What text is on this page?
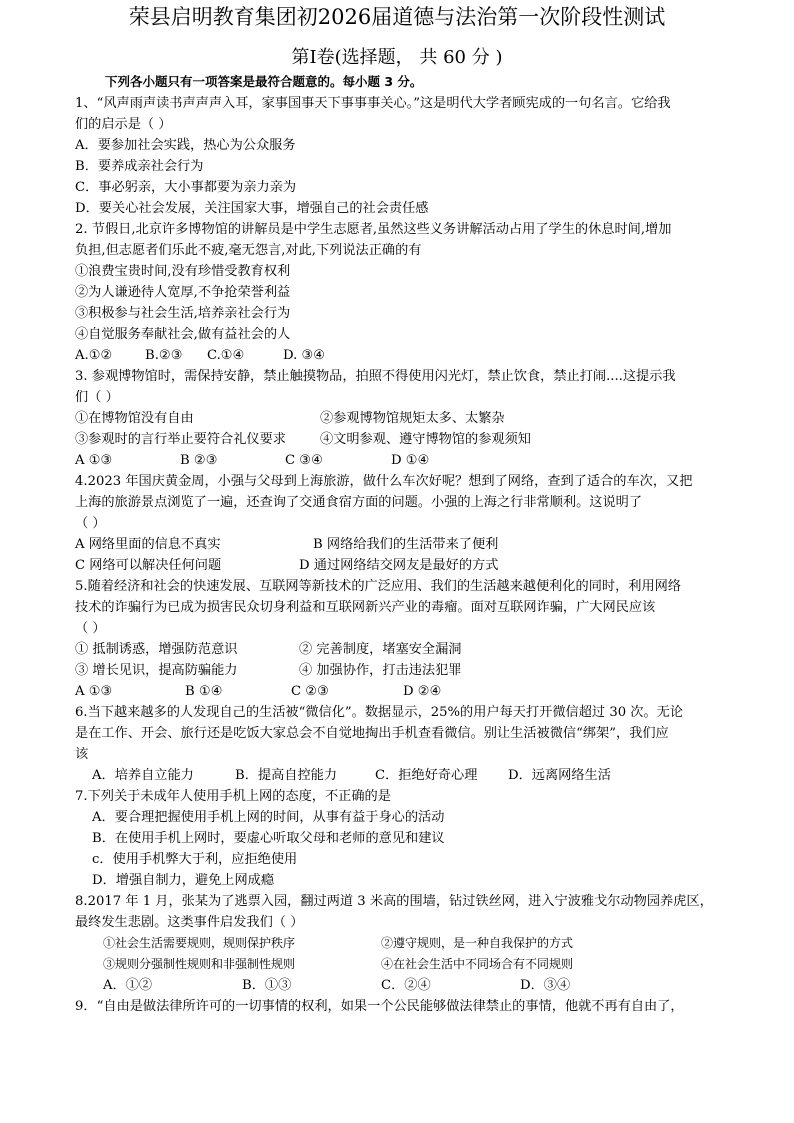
荣县启明教育集团初2026届道德与法治第一次阶段性测试
第Ⅰ卷(选择题， 共 60 分 )
下列各小题只有一项答案是最符合题意的。每小题 3 分。
1、“风声雨声读书声声声入耳，家事国事天下事事事关心。”这是明代大学者顾宪成的一句名言。它给我
们的启示是（ ）
A．要参加社会实践，热心为公众服务
B．要养成亲社会行为
C．事必躬亲，大小事都要为亲力亲为
D．要关心社会发展，关注国家大事，增强自己的社会责任感
2. 节假日,北京许多博物馆的讲解员是中学生志愿者,虽然这些义务讲解活动占用了学生的休息时间,增加
负担,但志愿者们乐此不疲,毫无怨言,对此,下列说法正确的有
①浪费宝贵时间,没有珍惜受教育权利
②为人谦逊待人宽厚,不争抢荣誉利益
③积极参与社会生活,培养亲社会行为
④自觉服务奉献社会,做有益社会的人
A.①②	B.②③	C.①④	D. ③④
3. 参观博物馆时，需保持安静，禁止触摸物品，拍照不得使用闪光灯，禁止饮食，禁止打闹....这提示我
们（ ）
①在博物馆没有自由	②参观博物馆规矩太多、太繁杂
③参观时的言行举止要符合礼仪要求	④文明参观、遵守博物馆的参观须知
A ①③	B ②③	C ③④	D ①④
4.2023 年国庆黄金周，小强与父母到上海旅游，做什么车次好呢？想到了网络，查到了适合的车次，又把
上海的旅游景点浏览了一遍，还查询了交通食宿方面的问题。小强的上海之行非常顺利。这说明了
（ ）
A 网络里面的信息不真实	B 网络给我们的生活带来了便利
C 网络可以解决任何问题	D 通过网络结交网友是最好的方式
5.随着经济和社会的快速发展、互联网等新技术的广泛应用、我们的生活越来越便利化的同时，利用网络
技术的诈骗行为已成为损害民众切身利益和互联网新兴产业的毒瘤。面对互联网诈骗，广大网民应该
（ ）
① 抵制诱惑，增强防范意识	② 完善制度，堵塞安全漏洞
③ 增长见识，提高防骗能力	④ 加强协作，打击违法犯罪
A ①③	B ①④	C ②③	D ②④
6.当下越来越多的人发现自己的生活被“微信化”。数据显示，25%的用户每天打开微信超过 30 次。无论
是在工作、开会、旅行还是吃饭大家总会不自觉地掏出手机查看微信。别让生活被微信“绑架”，我们应
该
A．培养自立能力	B．提高自控能力	C．拒绝好奇心理	D．远离网络生活
7.下列关于未成年人使用手机上网的态度，不正确的是
A．要合理把握使用手机上网的时间，从事有益于身心的活动
B．在使用手机上网时，要虚心听取父母和老师的意见和建议
c．使用手机弊大于利，应拒绝使用
D．增强自制力，避免上网成瘾
8.2017 年 1 月，张某为了逃票入园，翻过两道 3 米高的围墙，钻过铁丝网，进入宁波雅戈尔动物园养虎区，
最终发生悲剧。这类事件启发我们（ ）
①社会生活需要规则，规则保护秩序	②遵守规则，是一种自我保护的方式
③规则分强制性规则和非强制性规则	④在社会生活中不同场合有不同规则
A．①②	B．①③	C．②④	D．③④
9．“自由是做法律所许可的一切事情的权利，如果一个公民能够做法律禁止的事情，他就不再有自由了，
